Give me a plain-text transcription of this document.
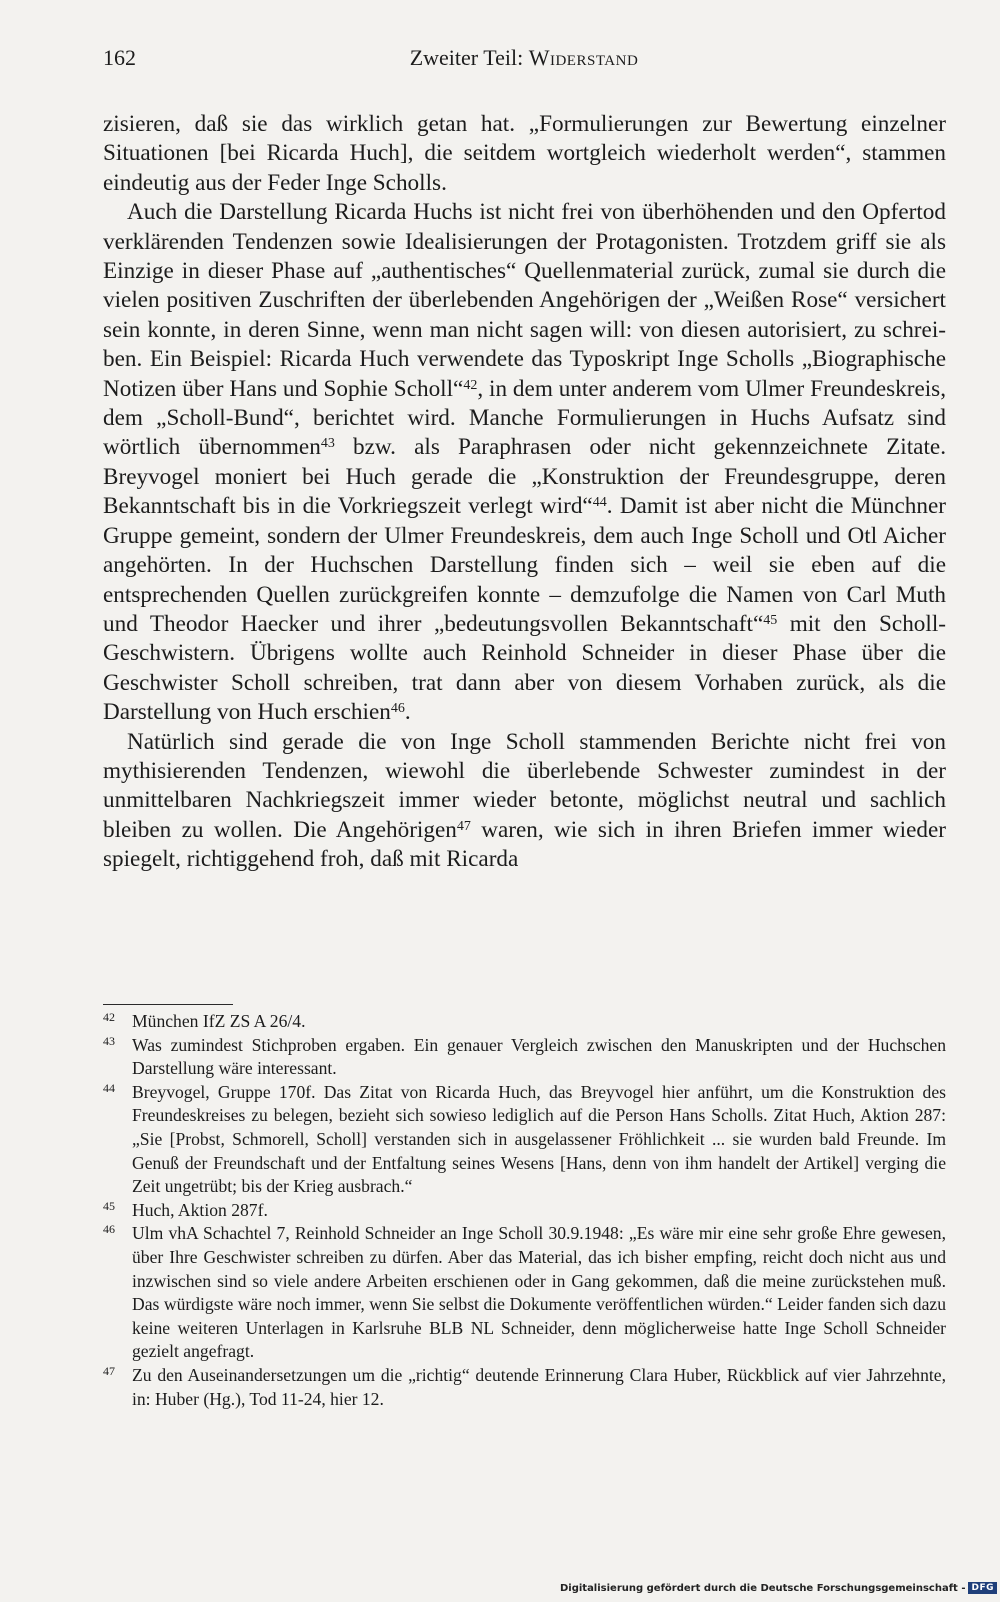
162	Zweiter Teil: Widerstand

zisieren, daß sie das wirklich getan hat. „Formulierungen zur Bewertung einzelner Situationen [bei Ricarda Huch], die seitdem wortgleich wiederholt werden“, stammen eindeutig aus der Feder Inge Scholls.

Auch die Darstellung Ricarda Huchs ist nicht frei von überhöhenden und den Opfertod verklärenden Tendenzen sowie Idealisierungen der Protagonisten. Trotzdem griff sie als Einzige in dieser Phase auf „authentisches“ Quellenmaterial zurück, zumal sie durch die vielen positiven Zuschriften der überlebenden Angehörigen der „Weißen Rose“ versichert sein konnte, in deren Sinne, wenn man nicht sagen will: von diesen autorisiert, zu schreiben. Ein Beispiel: Ricarda Huch verwendete das Typoskript Inge Scholls „Biographische Notizen über Hans und Sophie Scholl“$^{42}$, in dem unter anderem vom Ulmer Freundeskreis, dem „Scholl-Bund“, berichtet wird. Manche Formulierungen in Huchs Aufsatz sind wörtlich übernommen$^{43}$ bzw. als Paraphrasen oder nicht gekennzeichnete Zitate. Breyvogel moniert bei Huch gerade die „Konstruktion der Freundesgruppe, deren Bekanntschaft bis in die Vorkriegszeit verlegt wird“$^{44}$. Damit ist aber nicht die Münchner Gruppe gemeint, sondern der Ulmer Freundeskreis, dem auch Inge Scholl und Otl Aicher angehörten. In der Huchschen Darstellung finden sich – weil sie eben auf die entsprechenden Quellen zurückgreifen konnte – demzufolge die Namen von Carl Muth und Theodor Haecker und ihrer „bedeutungsvollen Bekanntschaft“$^{45}$ mit den Scholl-Geschwistern. Übrigens wollte auch Reinhold Schneider in dieser Phase über die Geschwister Scholl schreiben, trat dann aber von diesem Vorhaben zurück, als die Darstellung von Huch erschien$^{46}$.

Natürlich sind gerade die von Inge Scholl stammenden Berichte nicht frei von mythisierenden Tendenzen, wiewohl die überlebende Schwester zumindest in der unmittelbaren Nachkriegszeit immer wieder betonte, möglichst neutral und sachlich bleiben zu wollen. Die Angehörigen$^{47}$ waren, wie sich in ihren Briefen immer wieder spiegelt, richtiggehend froh, daß mit Ricarda

42 München IfZ ZS A 26/4.

43 Was zumindest Stichproben ergaben. Ein genauer Vergleich zwischen den Manuskripten und der Huchschen Darstellung wäre interessant.

44 Breyvogel, Gruppe 170f. Das Zitat von Ricarda Huch, das Breyvogel hier anführt, um die Konstruktion des Freundeskreises zu belegen, bezieht sich sowieso lediglich auf die Person Hans Scholls. Zitat Huch, Aktion 287: „Sie [Probst, Schmorell, Scholl] verstanden sich in ausgelassener Fröhlichkeit ... sie wurden bald Freunde. Im Genuß der Freundschaft und der Entfaltung seines Wesens [Hans, denn von ihm handelt der Artikel] verging die Zeit ungetrübt; bis der Krieg ausbrach.“

45 Huch, Aktion 287f.

46 Ulm vhA Schachtel 7, Reinhold Schneider an Inge Scholl 30.9.1948: „Es wäre mir eine sehr große Ehre gewesen, über Ihre Geschwister schreiben zu dürfen. Aber das Material, das ich bisher empfing, reicht doch nicht aus und inzwischen sind so viele andere Arbeiten erschienen oder in Gang gekommen, daß die meine zurückstehen muß. Das würdigste wäre noch immer, wenn Sie selbst die Dokumente veröffentlichen würden.“ Leider fanden sich dazu keine weiteren Unterlagen in Karlsruhe BLB NL Schneider, denn möglicherweise hatte Inge Scholl Schneider gezielt angefragt.

47 Zu den Auseinandersetzungen um die „richtig“ deutende Erinnerung Clara Huber, Rückblick auf vier Jahrzehnte, in: Huber (Hg.), Tod 11-24, hier 12.

Digitalisierung gefördert durch die Deutsche Forschungsgemeinschaft - DFG
